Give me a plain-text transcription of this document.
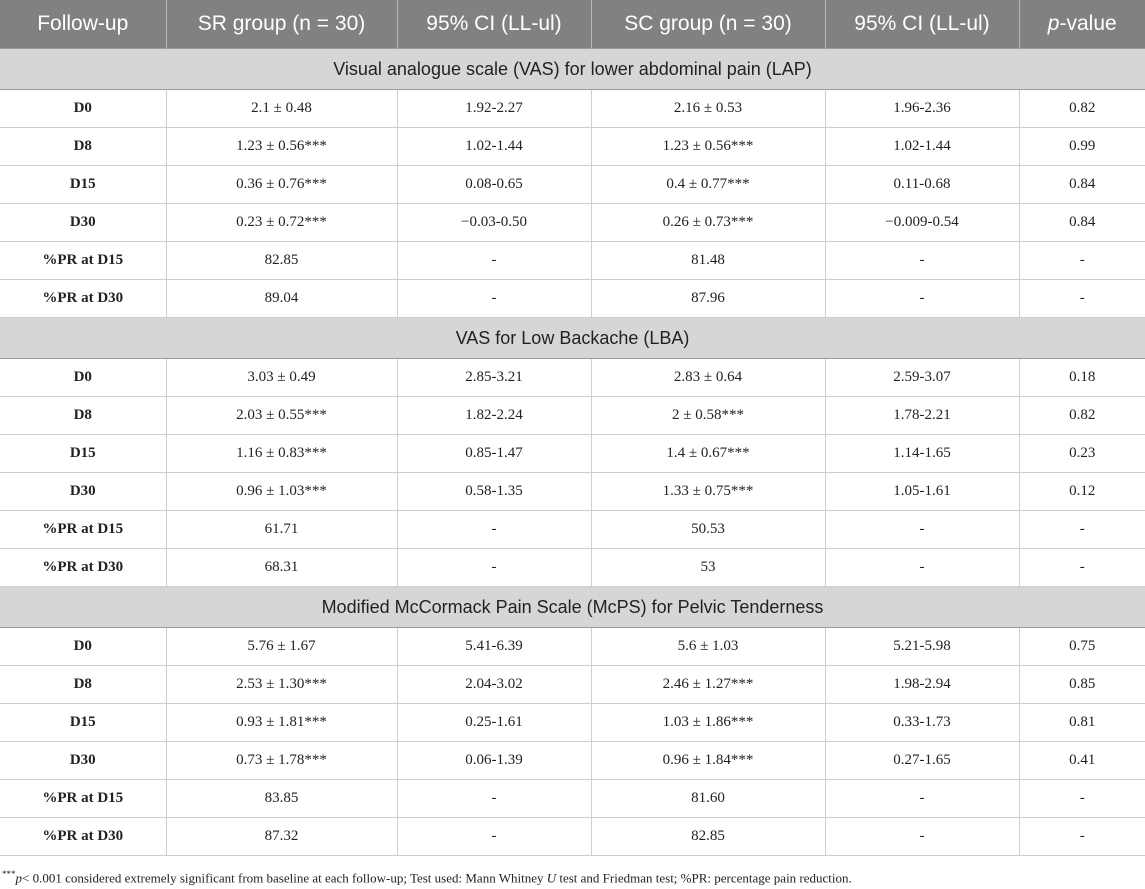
Follow-up	SR group (n = 30)	95% CI (LL-ul)	SC group (n = 30)	95% CI (LL-ul)	p-value
Visual analogue scale (VAS) for lower abdominal pain (LAP)					
D0	2.1 ± 0.48	1.92-2.27	2.16 ± 0.53	1.96-2.36	0.82
D8	1.23 ± 0.56***	1.02-1.44	1.23 ± 0.56***	1.02-1.44	0.99
D15	0.36 ± 0.76***	0.08-0.65	0.4 ± 0.77***	0.11-0.68	0.84
D30	0.23 ± 0.72***	−0.03-0.50	0.26 ± 0.73***	−0.009-0.54	0.84
%PR at D15	82.85	-	81.48	-	-
%PR at D30	89.04	-	87.96	-	-
VAS for Low Backache (LBA)					
D0	3.03 ± 0.49	2.85-3.21	2.83 ± 0.64	2.59-3.07	0.18
D8	2.03 ± 0.55***	1.82-2.24	2 ± 0.58***	1.78-2.21	0.82
D15	1.16 ± 0.83***	0.85-1.47	1.4 ± 0.67***	1.14-1.65	0.23
D30	0.96 ± 1.03***	0.58-1.35	1.33 ± 0.75***	1.05-1.61	0.12
%PR at D15	61.71	-	50.53	-	-
%PR at D30	68.31	-	53	-	-
Modified McCormack Pain Scale (McPS) for Pelvic Tenderness					
D0	5.76 ± 1.67	5.41-6.39	5.6 ± 1.03	5.21-5.98	0.75
D8	2.53 ± 1.30***	2.04-3.02	2.46 ± 1.27***	1.98-2.94	0.85
D15	0.93 ± 1.81***	0.25-1.61	1.03 ± 1.86***	0.33-1.73	0.81
D30	0.73 ± 1.78***	0.06-1.39	0.96 ± 1.84***	0.27-1.65	0.41
%PR at D15	83.85	-	81.60	-	-
%PR at D30	87.32	-	82.85	-	-
***p< 0.001 considered extremely significant from baseline at each follow-up; Test used: Mann Whitney U test and Friedman test; %PR: percentage pain reduction.
